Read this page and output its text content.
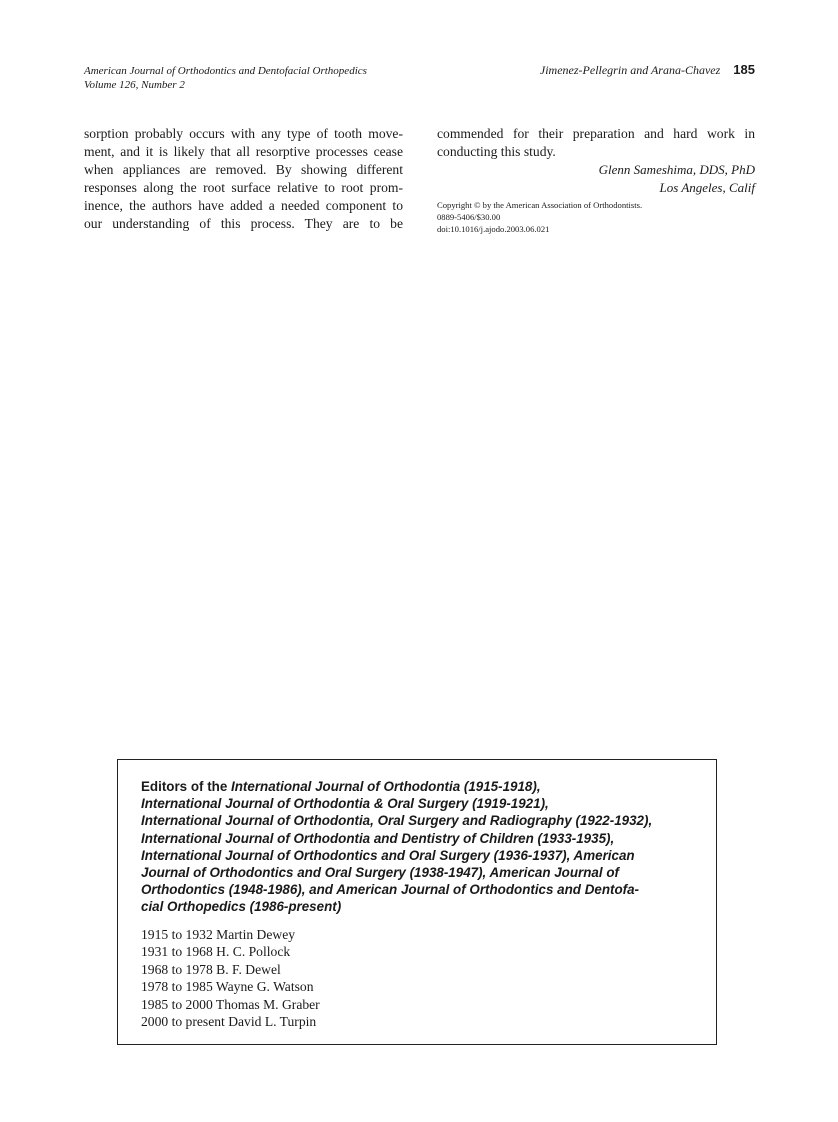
American Journal of Orthodontics and Dentofacial Orthopedics
Volume 126, Number 2
Jimenez-Pellegrin and Arana-Chavez 185
sorption probably occurs with any type of tooth move-
ment, and it is likely that all resorptive processes cease
when appliances are removed. By showing different
responses along the root surface relative to root prom-
inence, the authors have added a needed component to
our understanding of this process. They are to be
commended for their preparation and hard work in
conducting this study.
Glenn Sameshima, DDS, PhD
Los Angeles, Calif
Copyright © by the American Association of Orthodontists.
0889-5406/$30.00
doi:10.1016/j.ajodo.2003.06.021
Editors of the International Journal of Orthodontia (1915-1918),
International Journal of Orthodontia & Oral Surgery (1919-1921),
International Journal of Orthodontia, Oral Surgery and Radiography (1922-1932),
International Journal of Orthodontia and Dentistry of Children (1933-1935),
International Journal of Orthodontics and Oral Surgery (1936-1937), American
Journal of Orthodontics and Oral Surgery (1938-1947), American Journal of
Orthodontics (1948-1986), and American Journal of Orthodontics and Dentofa-
cial Orthopedics (1986-present)
1915 to 1932 Martin Dewey
1931 to 1968 H. C. Pollock
1968 to 1978 B. F. Dewel
1978 to 1985 Wayne G. Watson
1985 to 2000 Thomas M. Graber
2000 to present David L. Turpin
